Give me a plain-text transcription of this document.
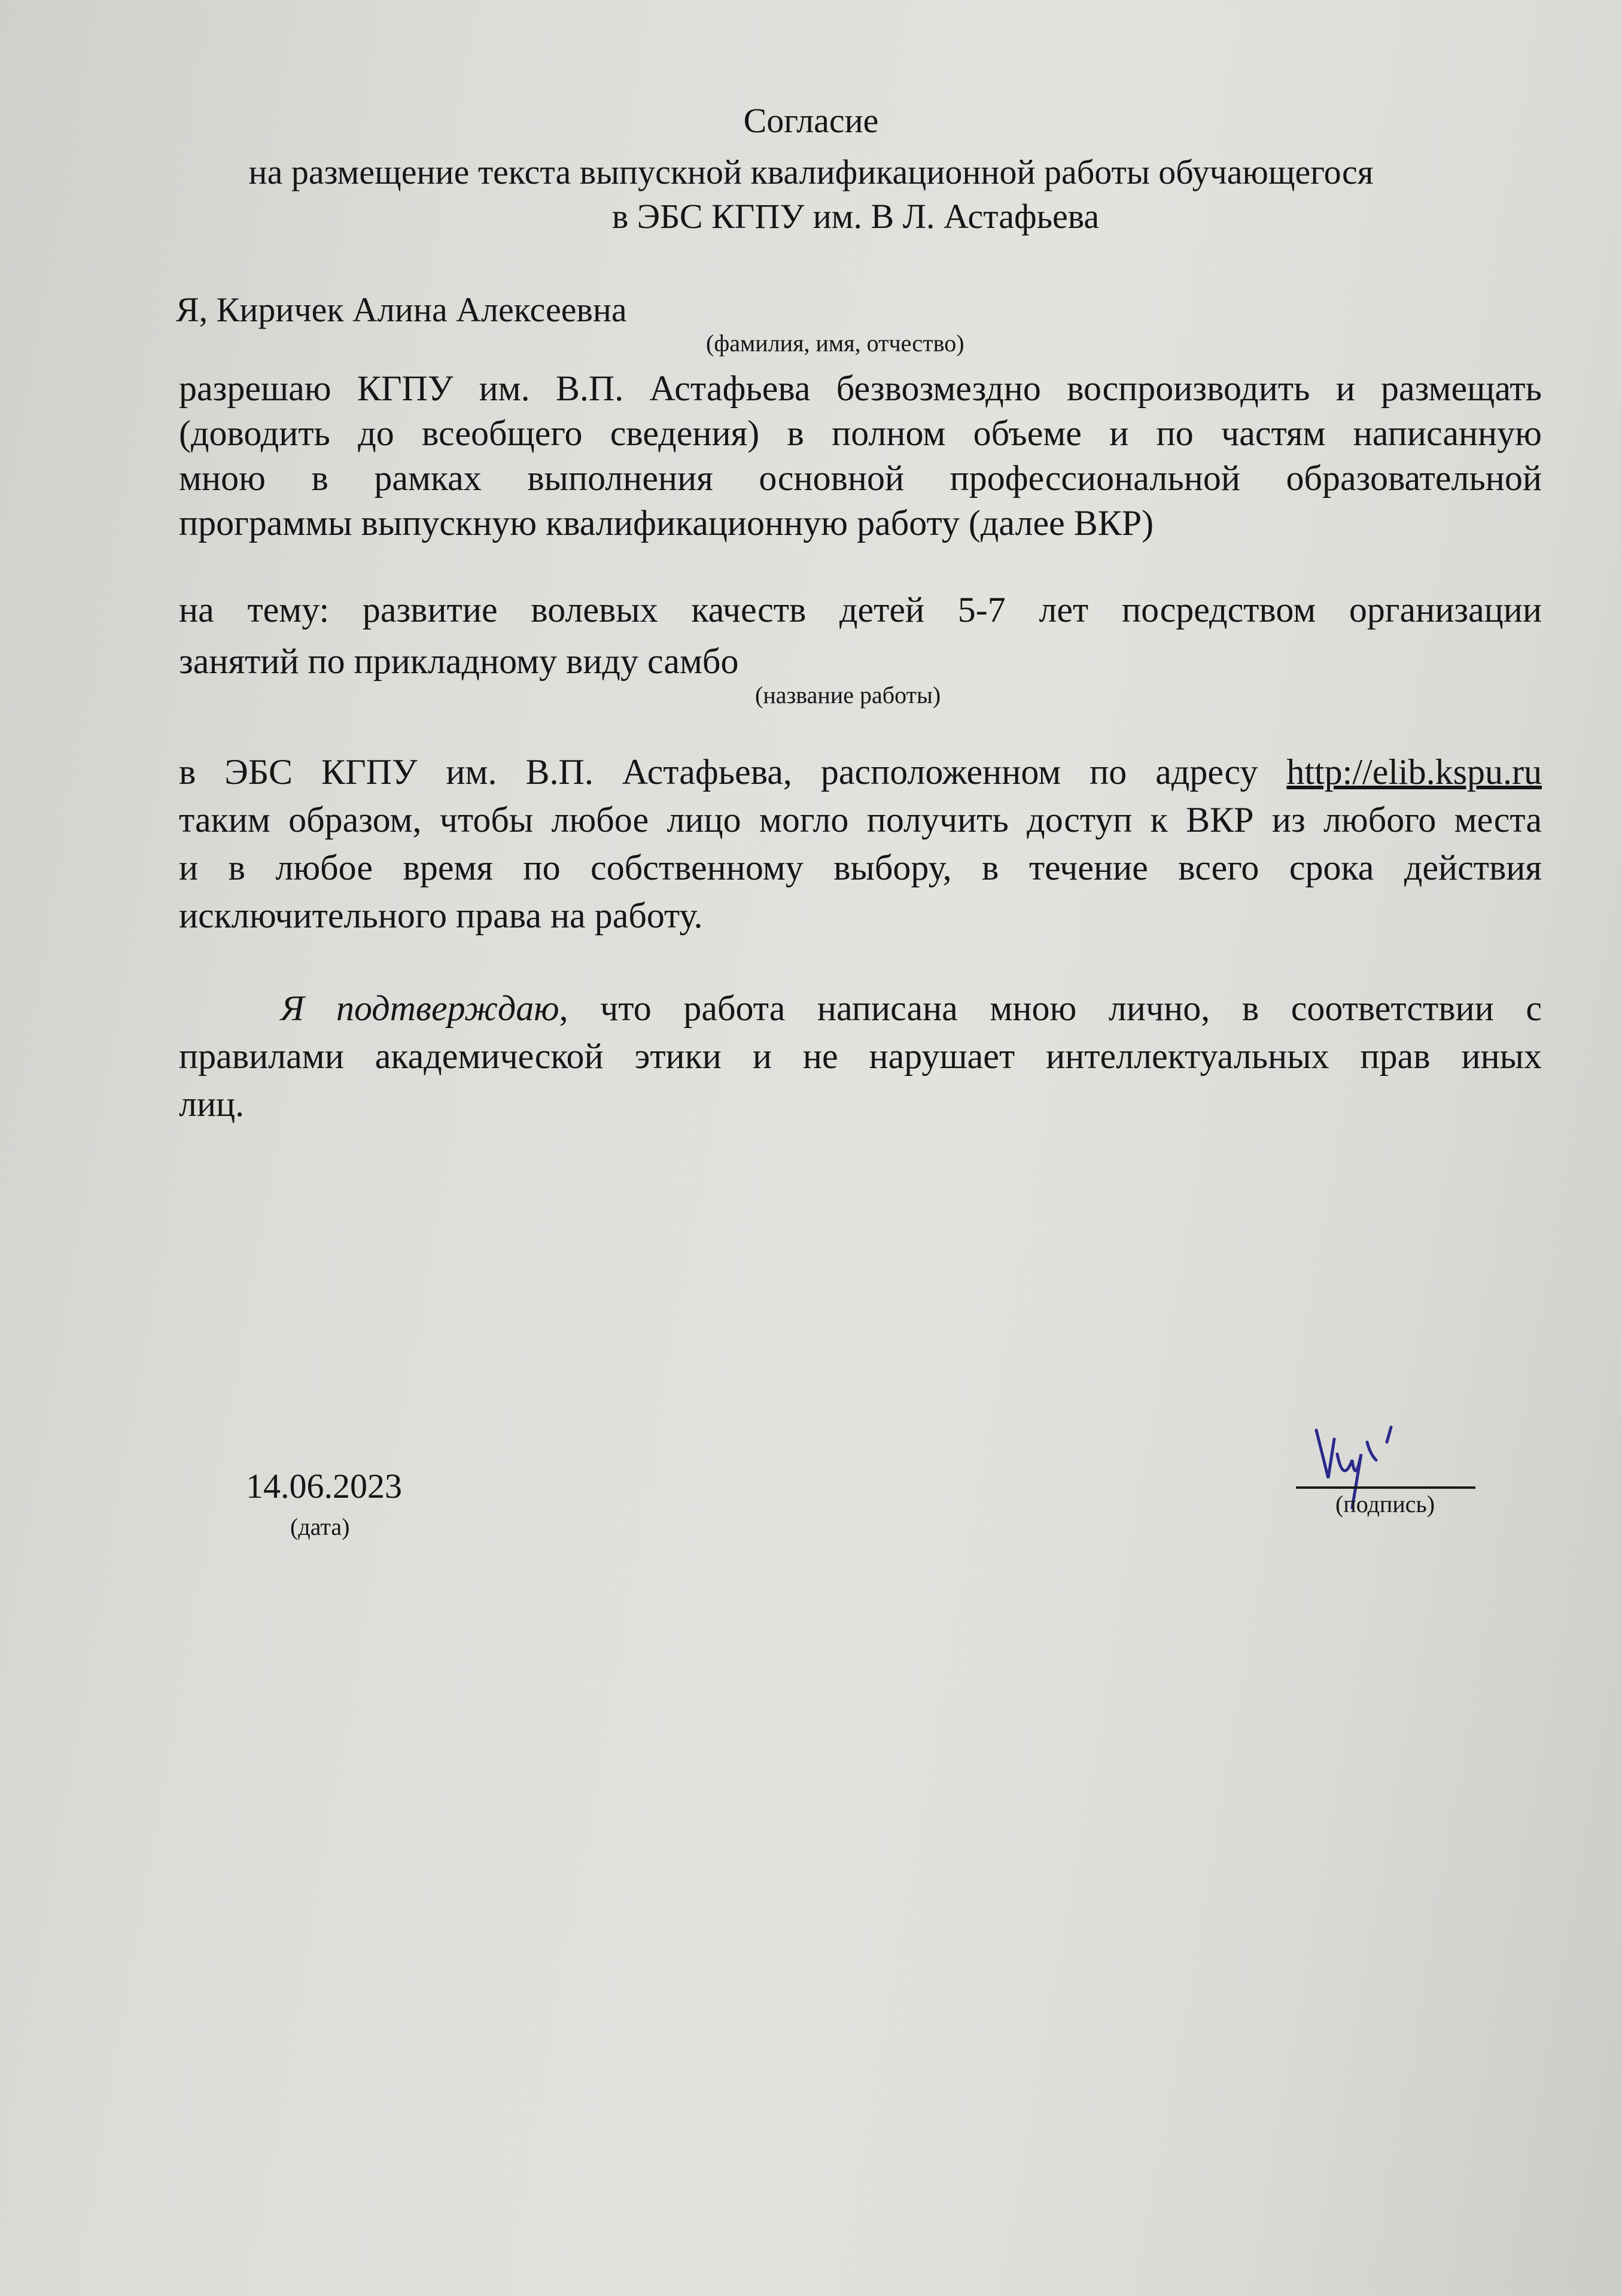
Согласие
на размещение текста выпускной квалификационной работы обучающегося
в ЭБС КГПУ им. В Л. Астафьева
Я, Киричек Алина Алексеевна
(фамилия, имя, отчество)
разрешаю КГПУ им. В.П. Астафьева безвозмездно воспроизводить и размещать
(доводить до всеобщего сведения) в полном объеме и по частям написанную
мною в рамках выполнения основной профессиональной образовательной
программы выпускную квалификационную работу (далее ВКР)
на тему: развитие волевых качеств детей 5-7 лет посредством организации
занятий по прикладному виду самбо
(название работы)
в ЭБС КГПУ им. В.П. Астафьева, расположенном по адресу http://elib.kspu.ru
таким образом, чтобы любое лицо могло получить доступ к ВКР из любого места
и в любое время по собственному выбору, в течение всего срока действия
исключительного права на работу.
Я подтверждаю, что работа написана мною лично, в соответствии с
правилами академической этики и не нарушает интеллектуальных прав иных
лиц.
14.06.2023
(дата)
(подпись)
